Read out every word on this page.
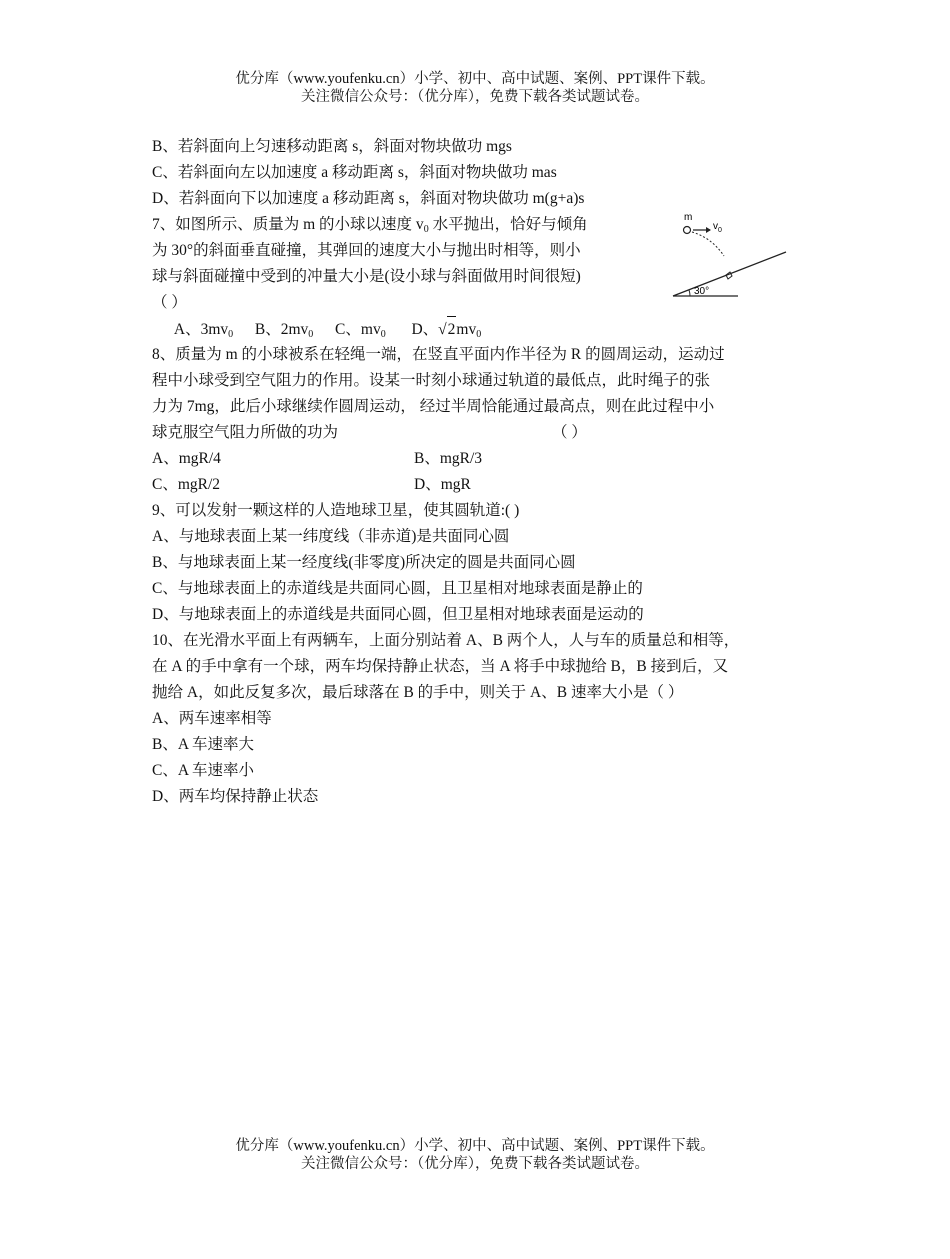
优分库（www.youfenku.cn）小学、初中、高中试题、案例、PPT课件下载。
关注微信公众号：（优分库），免费下载各类试题试卷。
B、若斜面向上匀速移动距离 s，斜面对物块做功 mgs
C、若斜面向左以加速度 a 移动距离 s，斜面对物块做功 mas
D、若斜面向下以加速度 a 移动距离 s，斜面对物块做功 m(g+a)s
7、如图所示、质量为 m 的小球以速度 $v_0$ 水平抛出，恰好与倾角
为 30°的斜面垂直碰撞，其弹回的速度大小与抛出时相等，则小
球与斜面碰撞中受到的冲量大小是(设小球与斜面做用时间很短)
（ ）
A、$3mv_0$ B、$2mv_0$ C、$mv_0$ D、$√2mv_0$
8、质量为 m 的小球被系在轻绳一端，在竖直平面内作半径为 R 的圆周运动，运动过
程中小球受到空气阻力的作用。设某一时刻小球通过轨道的最低点，此时绳子的张
力为 7mg，此后小球继续作圆周运动， 经过半周恰能通过最高点，则在此过程中小
球克服空气阻力所做的功为	（ ）
A、mgR/4	B、mgR/3
C、mgR/2	D、mgR
9、可以发射一颗这样的人造地球卫星，使其圆轨道:( )
A、与地球表面上某一纬度线（非赤道)是共面同心圆
B、与地球表面上某一经度线(非零度)所决定的圆是共面同心圆
C、与地球表面上的赤道线是共面同心圆，且卫星相对地球表面是静止的
D、与地球表面上的赤道线是共面同心圆，但卫星相对地球表面是运动的
10、在光滑水平面上有两辆车，上面分别站着 A、B 两个人，人与车的质量总和相等，
在 A 的手中拿有一个球，两车均保持静止状态，当 A 将手中球抛给 B，B 接到后，又
抛给 A，如此反复多次，最后球落在 B 的手中，则关于 A、B 速率大小是（ ）
A、两车速率相等
B、A 车速率大
C、A 车速率小
D、两车均保持静止状态
m
$v_0$
30°
优分库（www.youfenku.cn）小学、初中、高中试题、案例、PPT课件下载。
关注微信公众号：（优分库），免费下载各类试题试卷。
